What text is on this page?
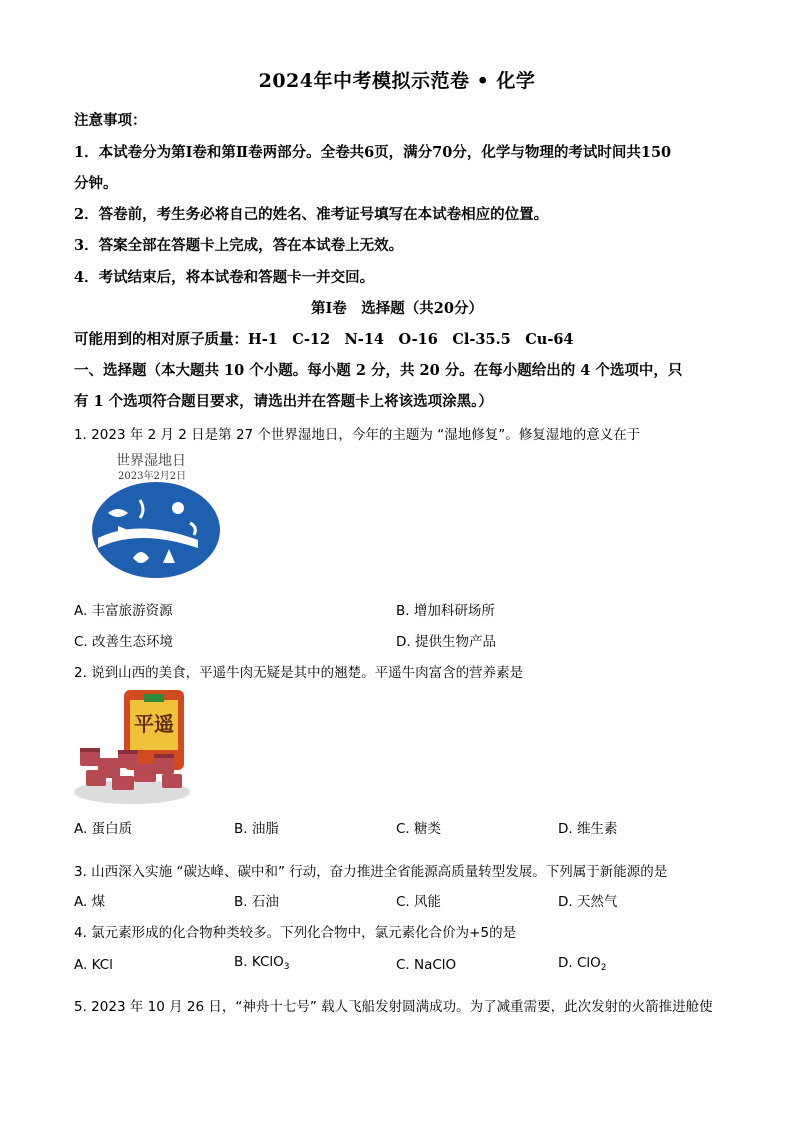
2024年中考模拟示范卷 • 化学
注意事项：
1．本试卷分为第Ⅰ卷和第Ⅱ卷两部分。全卷共6页，满分70分，化学与物理的考试时间共150
分钟。
2．答卷前，考生务必将自己的姓名、准考证号填写在本试卷相应的位置。
3．答案全部在答题卡上完成，答在本试卷上无效。
4．考试结束后，将本试卷和答题卡一并交回。
第Ⅰ卷　选择题（共20分）
可能用到的相对原子质量：H-1　C-12　N-14　O-16　Cl-35.5　Cu-64
一、选择题（本大题共 10 个小题。每小题 2 分，共 20 分。在每小题给出的 4 个选项中，只
有 1 个选项符合题目要求，请选出并在答题卡上将该选项涂黑。）
1. 2023 年 2 月 2 日是第 27 个世界湿地日，今年的主题为 “湿地修复”。修复湿地的意义在于
世界湿地日
2023年2月2日
A. 丰富旅游资源	B. 增加科研场所
C. 改善生态环境	D. 提供生物产品
2. 说到山西的美食，平遥牛肉无疑是其中的翘楚。平遥牛肉富含的营养素是
平遥
A. 蛋白质	B. 油脂	C. 糖类	D. 维生素
3. 山西深入实施 “碳达峰、碳中和” 行动，奋力推进全省能源高质量转型发展。下列属于新能源的是
A. 煤	B. 石油	C. 风能	D. 天然气
4. 氯元素形成的化合物种类较多。下列化合物中，氯元素化合价为+5的是
A. KCl	B. KClO$_3$	C. NaClO	D. ClO$_2$
5. 2023 年 10 月 26 日，“神舟十七号” 载人飞船发射圆满成功。为了减重需要，此次发射的火箭推进舱使
